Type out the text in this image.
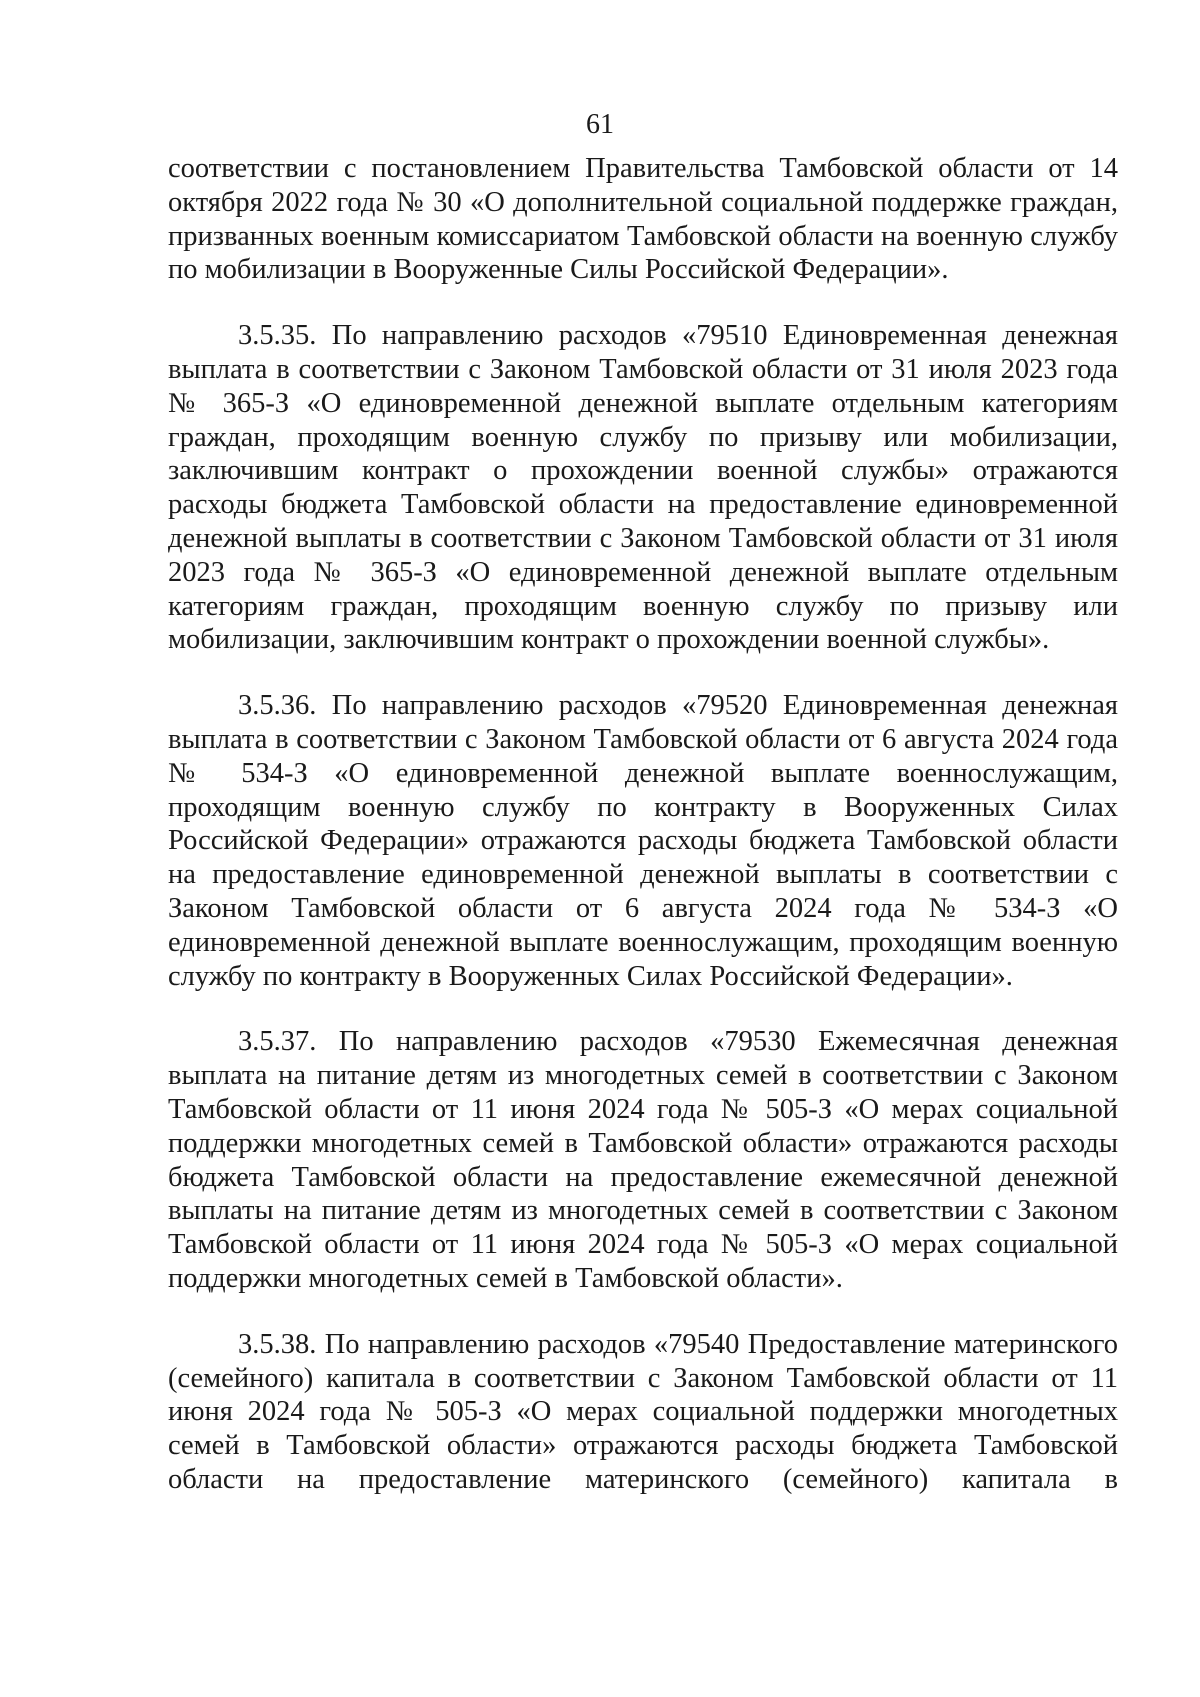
61

соответствии с постановлением Правительства Тамбовской области от 14 октября 2022 года № 30 «О дополнительной социальной поддержке граждан, призванных военным комиссариатом Тамбовской области на военную службу по мобилизации в Вооруженные Силы Российской Федерации».

3.5.35. По направлению расходов «79510 Единовременная денежная выплата в соответствии с Законом Тамбовской области от 31 июля 2023 года № 365-З «О единовременной денежной выплате отдельным категориям граждан, проходящим военную службу по призыву или мобилизации, заключившим контракт о прохождении военной службы» отражаются расходы бюджета Тамбовской области на предоставление единовременной денежной выплаты в соответствии с Законом Тамбовской области от 31 июля 2023 года № 365-З «О единовременной денежной выплате отдельным категориям граждан, проходящим военную службу по призыву или мобилизации, заключившим контракт о прохождении военной службы».

3.5.36. По направлению расходов «79520 Единовременная денежная выплата в соответствии с Законом Тамбовской области от 6 августа 2024 года № 534-З «О единовременной денежной выплате военнослужащим, проходящим военную службу по контракту в Вооруженных Силах Российской Федерации» отражаются расходы бюджета Тамбовской области на предоставление единовременной денежной выплаты в соответствии с Законом Тамбовской области от 6 августа 2024 года № 534-З «О единовременной денежной выплате военнослужащим, проходящим военную службу по контракту в Вооруженных Силах Российской Федерации».

3.5.37. По направлению расходов «79530 Ежемесячная денежная выплата на питание детям из многодетных семей в соответствии с Законом Тамбовской области от 11 июня 2024 года № 505-З «О мерах социальной поддержки многодетных семей в Тамбовской области» отражаются расходы бюджета Тамбовской области на предоставление ежемесячной денежной выплаты на питание детям из многодетных семей в соответствии с Законом Тамбовской области от 11 июня 2024 года № 505-З «О мерах социальной поддержки многодетных семей в Тамбовской области».

3.5.38. По направлению расходов «79540 Предоставление материнского (семейного) капитала в соответствии с Законом Тамбовской области от 11 июня 2024 года № 505-З «О мерах социальной поддержки многодетных семей в Тамбовской области» отражаются расходы бюджета Тамбовской области на предоставление материнского (семейного) капитала в
